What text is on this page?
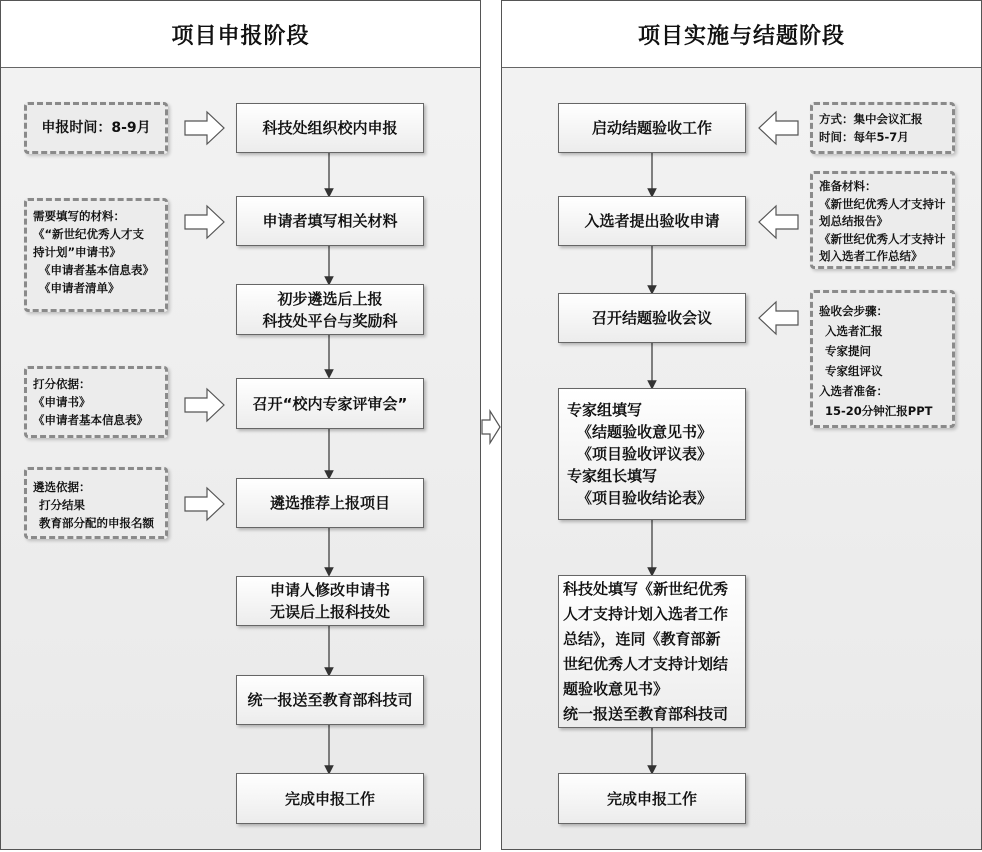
项目申报阶段	项目实施与结题阶段
科技处组织校内申报
申请者填写相关材料
初步遴选后上报
科技处平台与奖励科
召开“校内专家评审会”
遴选推荐上报项目
申请人修改申请书
无误后上报科技处
统一报送至教育部科技司
完成申报工作
申报时间：8-9月
需要填写的材料：
《“新世纪优秀人才支
持计划”申请书》
《申请者基本信息表》
《申请者清单》
打分依据：
《申请书》
《申请者基本信息表》
遴选依据：
打分结果
教育部分配的申报名额
启动结题验收工作
入选者提出验收申请
召开结题验收会议
专家组填写
《结题验收意见书》
《项目验收评议表》
专家组长填写
《项目验收结论表》
科技处填写《新世纪优秀
人才支持计划入选者工作
总结》，连同《教育部新
世纪优秀人才支持计划结
题验收意见书》
统一报送至教育部科技司
完成申报工作
方式：集中会议汇报
时间：每年5-7月
准备材料：
《新世纪优秀人才支持计
划总结报告》
《新世纪优秀人才支持计
划入选者工作总结》
验收会步骤：
入选者汇报
专家提问
专家组评议
入选者准备：
15-20分钟汇报PPT
